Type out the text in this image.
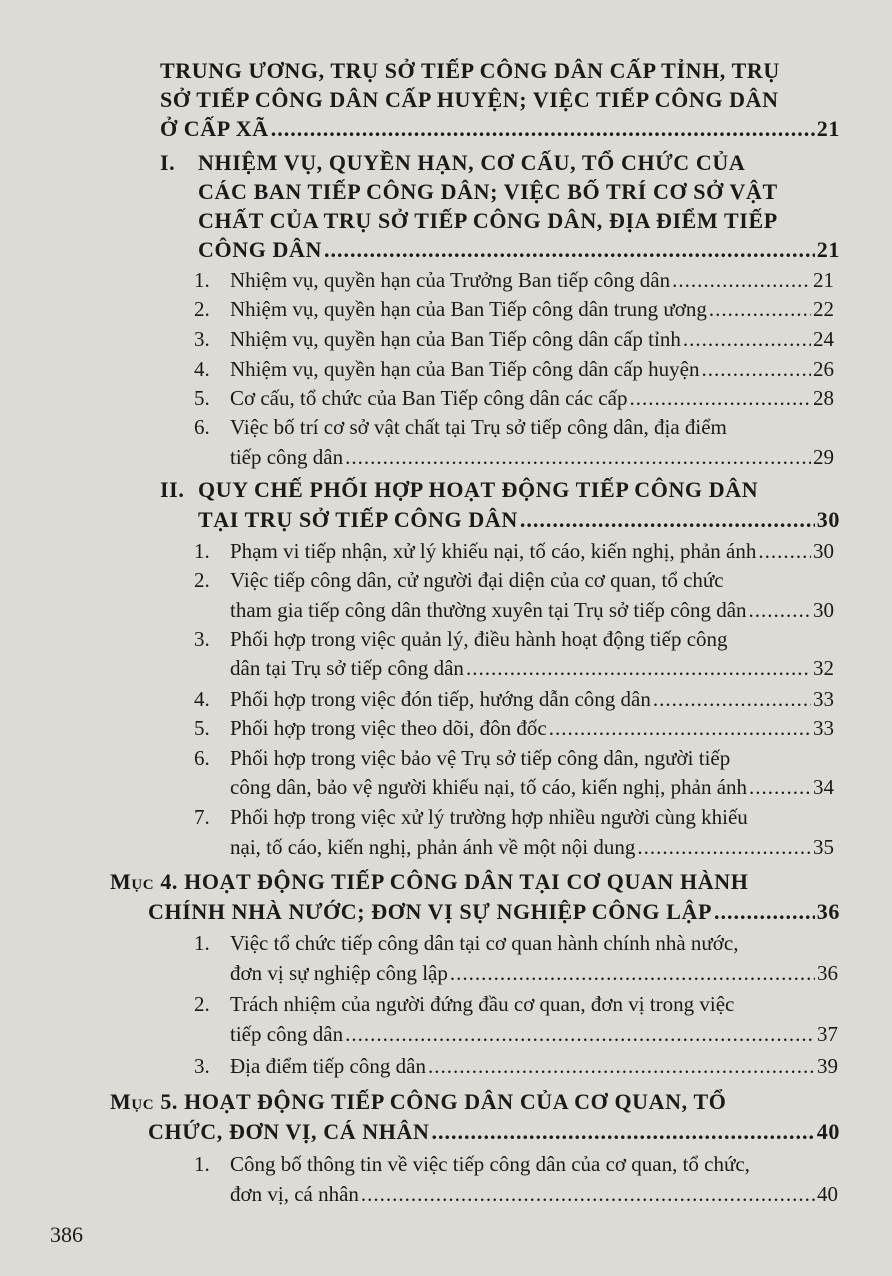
TRUNG ƯƠNG, TRỤ SỞ TIẾP CÔNG DÂN CẤP TỈNH, TRỤ
SỞ TIẾP CÔNG DÂN CẤP HUYỆN; VIỆC TIẾP CÔNG DÂN
Ở CẤP XÃ .....	21
I. NHIỆM VỤ, QUYỀN HẠN, CƠ CẤU, TỔ CHỨC CỦA
CÁC BAN TIẾP CÔNG DÂN; VIỆC BỐ TRÍ CƠ SỞ VẬT
CHẤT CỦA TRỤ SỞ TIẾP CÔNG DÂN, ĐỊA ĐIỂM TIẾP
CÔNG DÂN .....	21
1. Nhiệm vụ, quyền hạn của Trưởng Ban tiếp công dân .....	21
2. Nhiệm vụ, quyền hạn của Ban Tiếp công dân trung ương .....	22
3. Nhiệm vụ, quyền hạn của Ban Tiếp công dân cấp tỉnh .....	24
4. Nhiệm vụ, quyền hạn của Ban Tiếp công dân cấp huyện .....	26
5. Cơ cấu, tổ chức của Ban Tiếp công dân các cấp .....	28
6. Việc bố trí cơ sở vật chất tại Trụ sở tiếp công dân, địa điểm
tiếp công dân .....	29
II. QUY CHẾ PHỐI HỢP HOẠT ĐỘNG TIẾP CÔNG DÂN
TẠI TRỤ SỞ TIẾP CÔNG DÂN .....	30
1. Phạm vi tiếp nhận, xử lý khiếu nại, tố cáo, kiến nghị, phản ánh .....	30
2. Việc tiếp công dân, cử người đại diện của cơ quan, tổ chức
tham gia tiếp công dân thường xuyên tại Trụ sở tiếp công dân .....	30
3. Phối hợp trong việc quản lý, điều hành hoạt động tiếp công
dân tại Trụ sở tiếp công dân .....	32
4. Phối hợp trong việc đón tiếp, hướng dẫn công dân .....	33
5. Phối hợp trong việc theo dõi, đôn đốc .....	33
6. Phối hợp trong việc bảo vệ Trụ sở tiếp công dân, người tiếp
công dân, bảo vệ người khiếu nại, tố cáo, kiến nghị, phản ánh .....	34
7. Phối hợp trong việc xử lý trường hợp nhiều người cùng khiếu
nại, tố cáo, kiến nghị, phản ánh về một nội dung .....	35
Mục 4. HOẠT ĐỘNG TIẾP CÔNG DÂN TẠI CƠ QUAN HÀNH
CHÍNH NHÀ NƯỚC; ĐƠN VỊ SỰ NGHIỆP CÔNG LẬP .....	36
1. Việc tổ chức tiếp công dân tại cơ quan hành chính nhà nước,
đơn vị sự nghiệp công lập .....	36
2. Trách nhiệm của người đứng đầu cơ quan, đơn vị trong việc
tiếp công dân .....	37
3. Địa điểm tiếp công dân .....	39
Mục 5. HOẠT ĐỘNG TIẾP CÔNG DÂN CỦA CƠ QUAN, TỔ
CHỨC, ĐƠN VỊ, CÁ NHÂN .....	40
1. Công bố thông tin về việc tiếp công dân của cơ quan, tổ chức,
đơn vị, cá nhân .....	40
386
